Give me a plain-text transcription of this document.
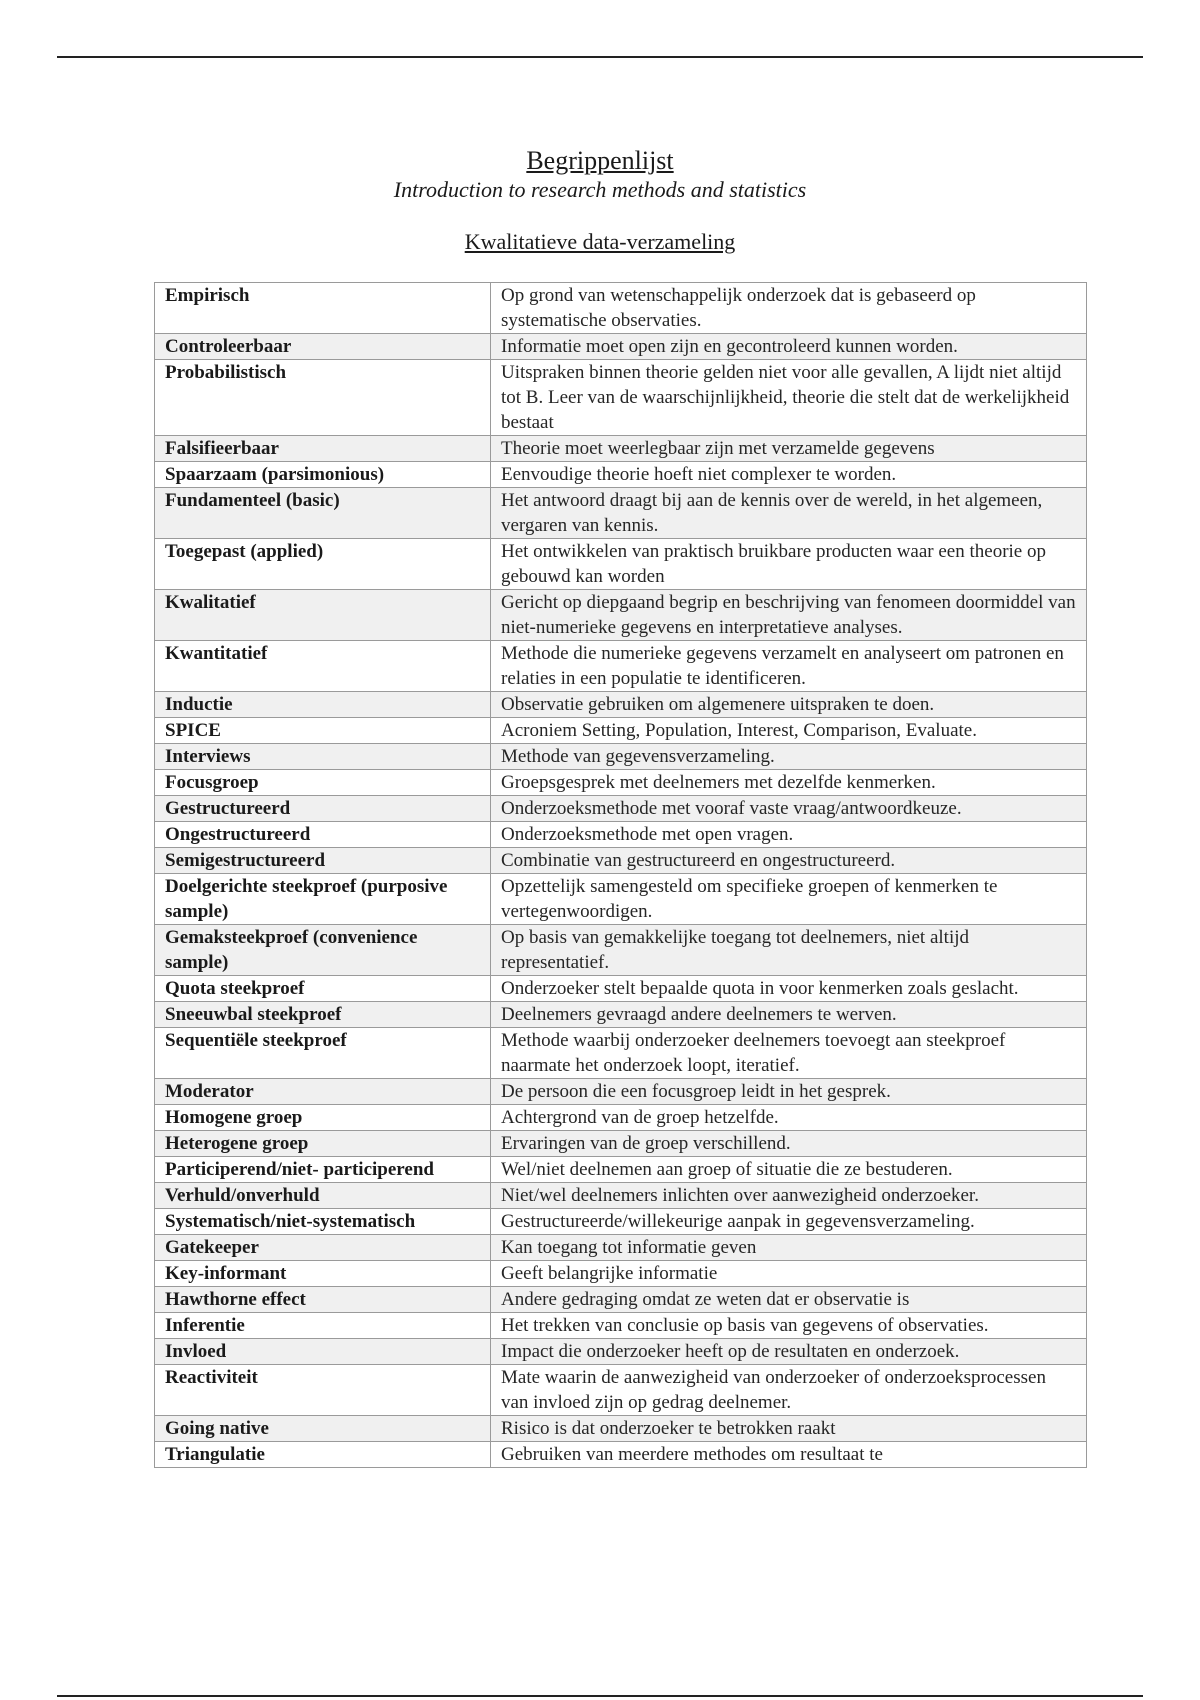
Begrippenlijst
Introduction to research methods and statistics
Kwalitatieve data-verzameling
Empirisch	Op grond van wetenschappelijk onderzoek dat is gebaseerd op systematische observaties.
Controleerbaar	Informatie moet open zijn en gecontroleerd kunnen worden.
Probabilistisch	Uitspraken binnen theorie gelden niet voor alle gevallen, A lijdt niet altijd tot B. Leer van de waarschijnlijkheid, theorie die stelt dat de werkelijkheid bestaat
Falsifieerbaar	Theorie moet weerlegbaar zijn met verzamelde gegevens
Spaarzaam (parsimonious)	Eenvoudige theorie hoeft niet complexer te worden.
Fundamenteel (basic)	Het antwoord draagt bij aan de kennis over de wereld, in het algemeen, vergaren van kennis.
Toegepast (applied)	Het ontwikkelen van praktisch bruikbare producten waar een theorie op gebouwd kan worden
Kwalitatief	Gericht op diepgaand begrip en beschrijving van fenomeen doormiddel van niet-numerieke gegevens en interpretatieve analyses.
Kwantitatief	Methode die numerieke gegevens verzamelt en analyseert om patronen en relaties in een populatie te identificeren.
Inductie	Observatie gebruiken om algemenere uitspraken te doen.
SPICE	Acroniem Setting, Population, Interest, Comparison, Evaluate.
Interviews	Methode van gegevensverzameling.
Focusgroep	Groepsgesprek met deelnemers met dezelfde kenmerken.
Gestructureerd	Onderzoeksmethode met vooraf vaste vraag/antwoordkeuze.
Ongestructureerd	Onderzoeksmethode met open vragen.
Semigestructureerd	Combinatie van gestructureerd en ongestructureerd.
Doelgerichte steekproef (purposive sample)	Opzettelijk samengesteld om specifieke groepen of kenmerken te vertegenwoordigen.
Gemaksteekproef (convenience sample)	Op basis van gemakkelijke toegang tot deelnemers, niet altijd representatief.
Quota steekproef	Onderzoeker stelt bepaalde quota in voor kenmerken zoals geslacht.
Sneeuwbal steekproef	Deelnemers gevraagd andere deelnemers te werven.
Sequentiële steekproef	Methode waarbij onderzoeker deelnemers toevoegt aan steekproef naarmate het onderzoek loopt, iteratief.
Moderator	De persoon die een focusgroep leidt in het gesprek.
Homogene groep	Achtergrond van de groep hetzelfde.
Heterogene groep	Ervaringen van de groep verschillend.
Participerend/niet- participerend	Wel/niet deelnemen aan groep of situatie die ze bestuderen.
Verhuld/onverhuld	Niet/wel deelnemers inlichten over aanwezigheid onderzoeker.
Systematisch/niet-systematisch	Gestructureerde/willekeurige aanpak in gegevensverzameling.
Gatekeeper	Kan toegang tot informatie geven
Key-informant	Geeft belangrijke informatie
Hawthorne effect	Andere gedraging omdat ze weten dat er observatie is
Inferentie	Het trekken van conclusie op basis van gegevens of observaties.
Invloed	Impact die onderzoeker heeft op de resultaten en onderzoek.
Reactiviteit	Mate waarin de aanwezigheid van onderzoeker of onderzoeksprocessen van invloed zijn op gedrag deelnemer.
Going native	Risico is dat onderzoeker te betrokken raakt
Triangulatie	Gebruiken van meerdere methodes om resultaat te
